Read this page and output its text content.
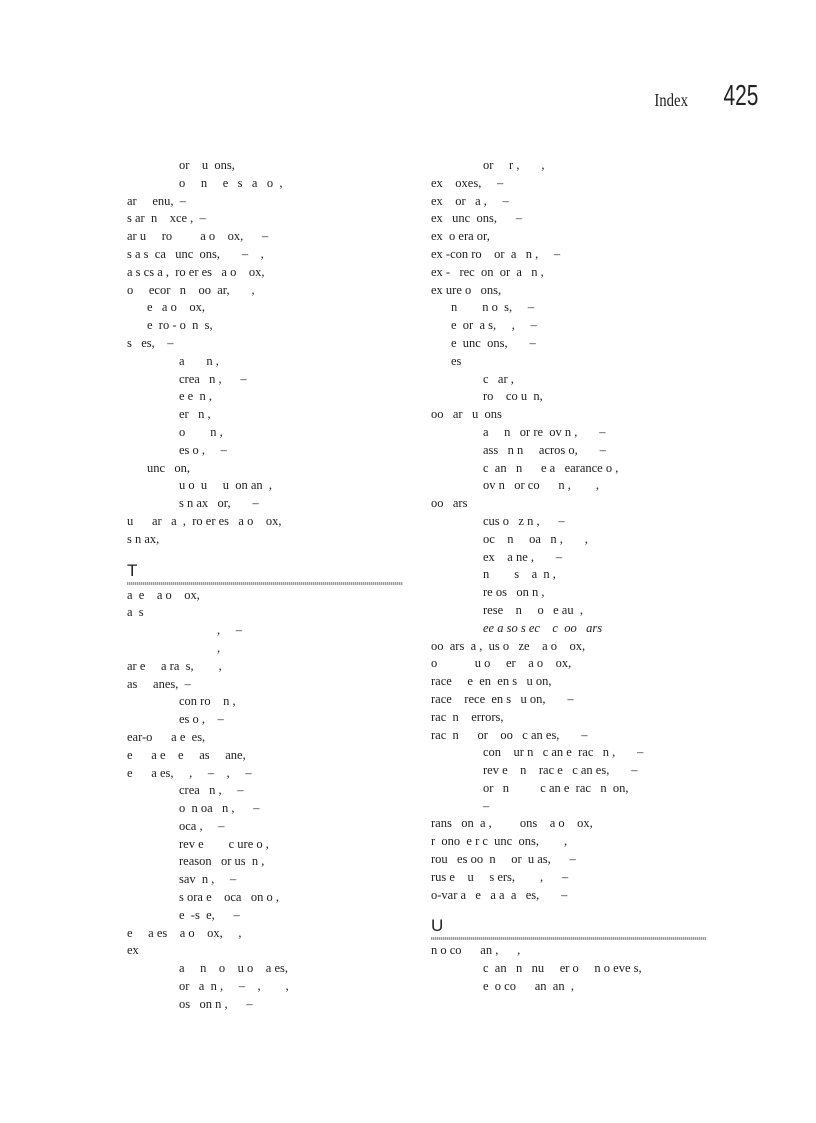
Index 425
or    u  ons,
o     n     e   s   a   o  ,
ar     enu,  –
s ar  n    xce ,  –
ar u     ro         a o    ox,      –
s a s  ca   unc  ons,       –    ,
a s cs a ,  ro er es   a o    ox,
o     ecor   n    oo  ar,       ,
e   a o    ox,
e  ro - o  n  s,
s   es,    –
a       n ,
crea   n ,      –
e e  n ,
er   n ,
o        n ,
es o ,     –
unc   on,
u o  u     u  on an  ,
s n ax   or,       –
u      ar   a  ,  ro er es   a o    ox,
s n ax,
T
a  e    a o    ox,
a  s
,     –
,
ar e     a ra  s,        ,
as     anes,  –
con ro    n ,
es o ,    –
ear-o      a e  es,
e      a e    e     as     ane,
e      a es,     ,     –    ,     –
crea   n ,     –
o  n oa   n ,      –
oca ,     –
rev e        c ure o ,
reason   or us  n ,
sav  n ,     –
s ora e    oca   on o ,
e  -s  e,      –
e     a es    a o    ox,     ,
ex
a     n    o    u o    a es,
or   a  n ,     –    ,        ,
os   on n ,      –
or     r ,       ,
ex    oxes,     –
ex    or   a ,     –
ex   unc  ons,      –
ex  o era or,
ex -con ro    or  a   n ,     –
ex -   rec  on  or  a   n ,
ex ure o   ons,
n        n o  s,     –
e  or  a s,     ,     –
e  unc  ons,       –
es
c   ar ,
ro    co u  n,
oo   ar   u  ons
a     n   or re  ov n ,       –
ass   n n     acros o,       –
c  an   n      e a   earance o ,
ov n   or co      n ,        ,
oo   ars
cus o   z n ,      –
oc    n     oa   n ,       ,
ex    a ne ,       –
n        s    a  n ,
re os   on n ,
rese    n     o   e au  ,
ee a so s ec    c  oo   ars
oo  ars  a ,  us o   ze    a o    ox,
o            u o     er    a o    ox,
race     e  en  en s   u on,
race    rece  en s   u on,       –
rac  n    errors,
rac  n      or    oo   c an es,       –
con    ur n   c an e  rac   n ,       –
rev e    n    rac e   c an es,       –
or   n          c an e  rac   n  on,
–
rans   on  a ,         ons    a o    ox,
r  ono  e r c  unc  ons,        ,
rou   es oo  n     or  u as,      –
rus e    u     s ers,        ,      –
o-var a   e   a a  a   es,       –
U
n o co      an ,      ,
c  an   n   nu     er o     n o eve s,
e  o co      an  an  ,
